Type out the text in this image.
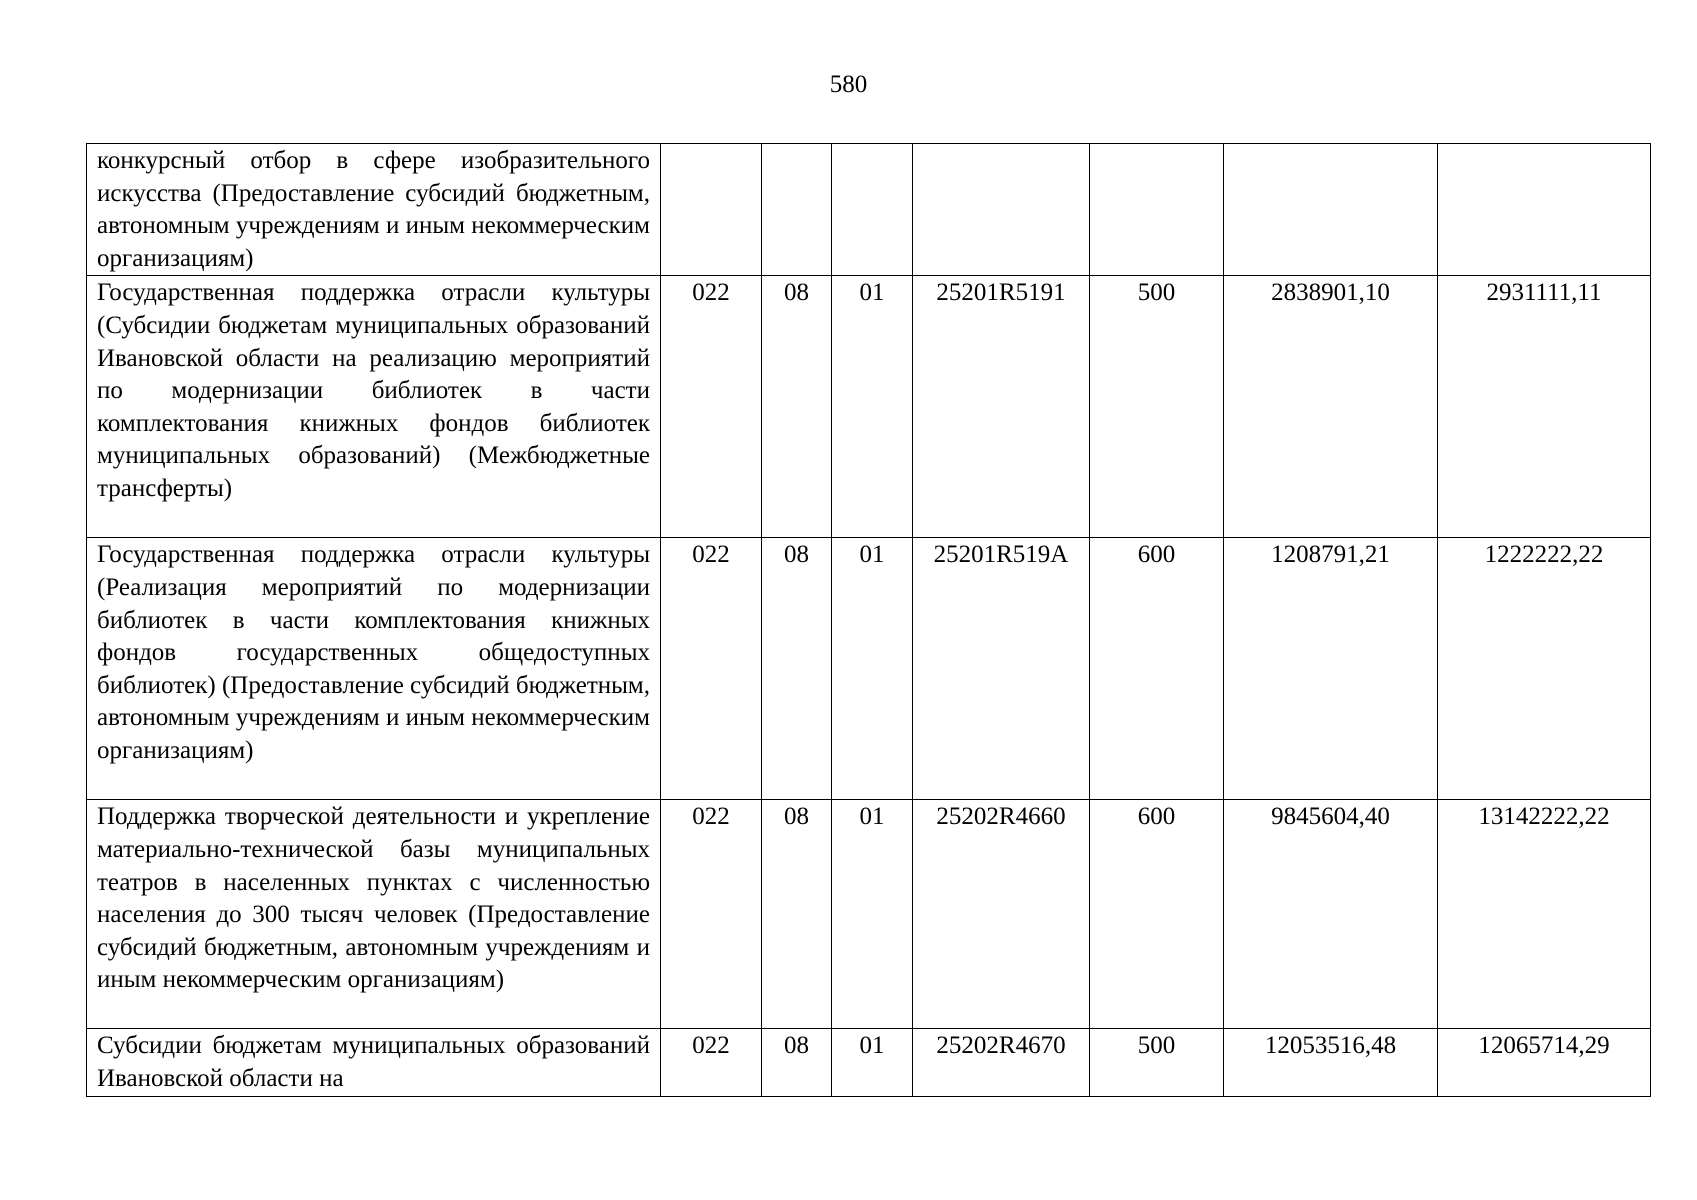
580
конкурсный отбор в сфере изобразительного искусства (Предоставление субсидий бюджетным, автономным учреждениям и иным некоммерческим организациям)							
Государственная поддержка отрасли культуры (Субсидии бюджетам муниципальных образований Ивановской области на реализацию мероприятий по модернизации библиотек в части комплектования книжных фондов библиотек муниципальных образований) (Межбюджетные трансферты)	022	08	01	25201R5191	500	2838901,10	2931111,11
Государственная поддержка отрасли культуры (Реализация мероприятий по модернизации библиотек в части комплектования книжных фондов государственных общедоступных библиотек) (Предоставление субсидий бюджетным, автономным учреждениям и иным некоммерческим организациям)	022	08	01	25201R519A	600	1208791,21	1222222,22
Поддержка творческой деятельности и укрепление материально-технической базы муниципальных театров в населенных пунктах с численностью населения до 300 тысяч человек (Предоставление субсидий бюджетным, автономным учреждениям и иным некоммерческим организациям)	022	08	01	25202R4660	600	9845604,40	13142222,22
Субсидии бюджетам муниципальных образований Ивановской области на	022	08	01	25202R4670	500	12053516,48	12065714,29
